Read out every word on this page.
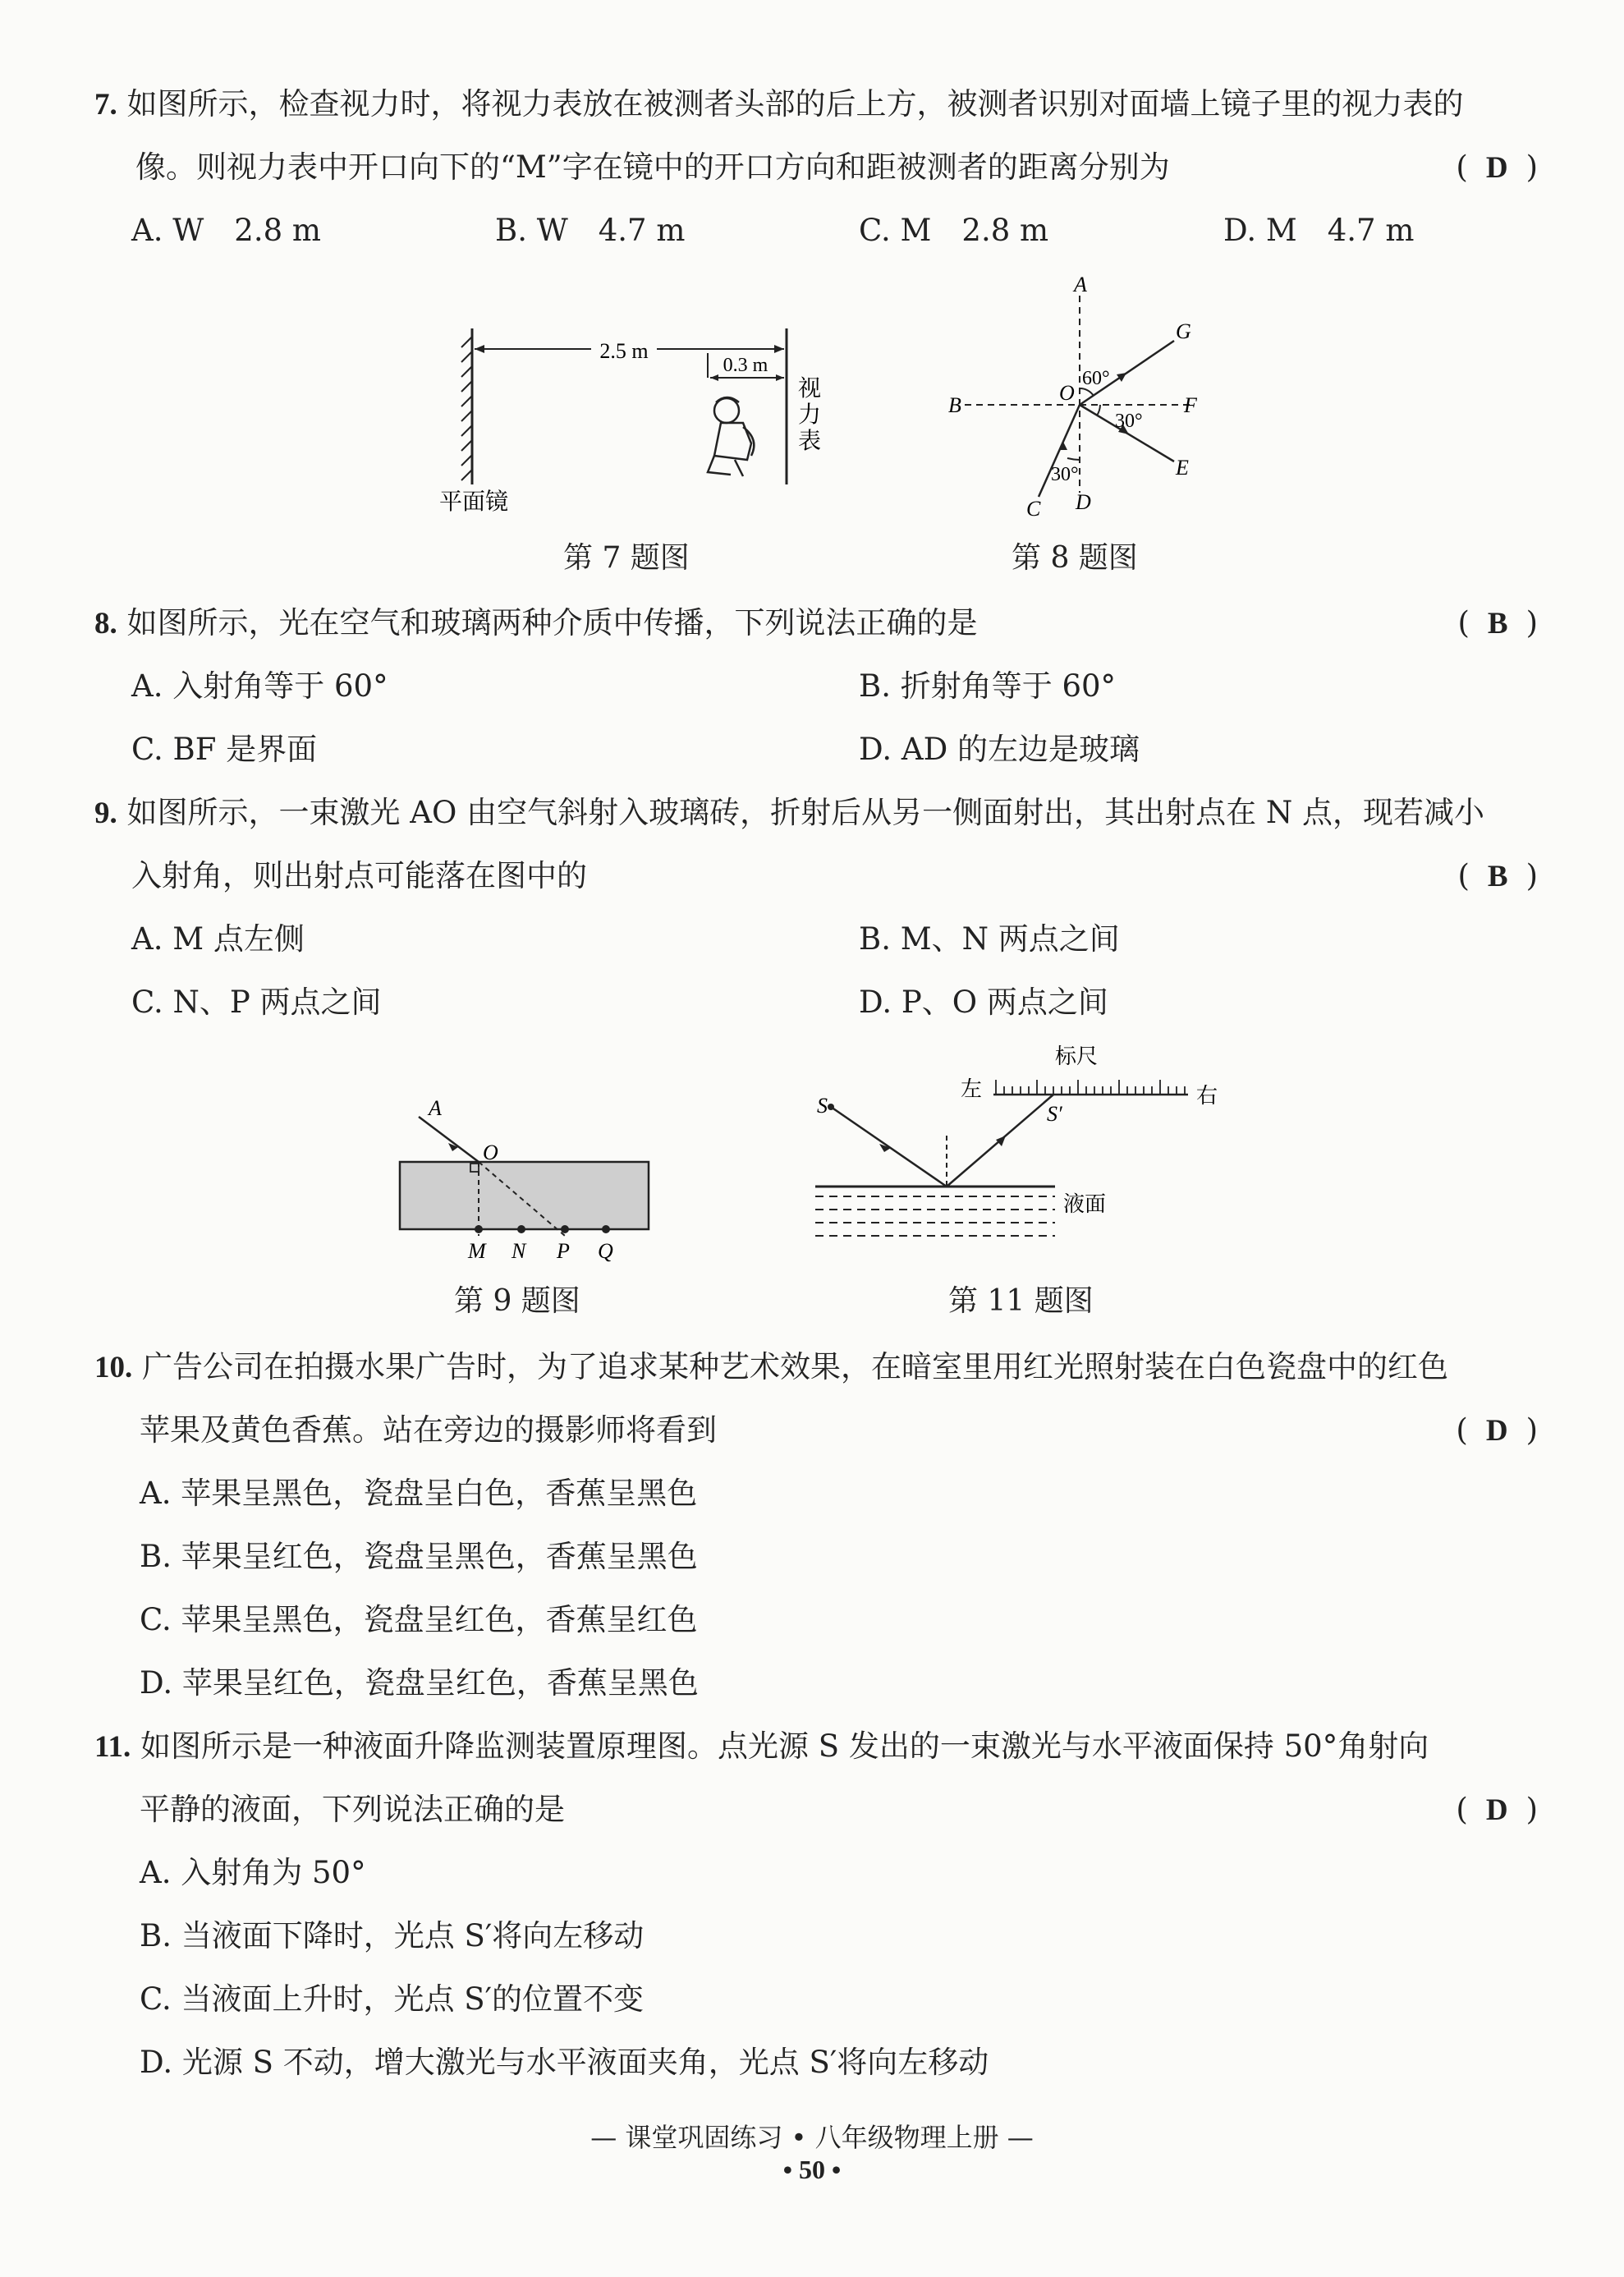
7. 如图所示，检查视力时，将视力表放在被测者头部的后上方，被测者识别对面墙上镜子里的视力表的
像。则视力表中开口向下的“M”字在镜中的开口方向和距被测者的距离分别为	( D )
A. W　2.8 m	B. W　4.7 m	C. M　2.8 m	D. M　4.7 m
2.5 m
0.3 m
视
力
表
平面镜
第 7 题图
A
B
C D
E
F
G
O
60°
30°
30°
第 8 题图
8. 如图所示，光在空气和玻璃两种介质中传播，下列说法正确的是	( B )
A. 入射角等于 60°	B. 折射角等于 60°
C. BF 是界面	D. AD 的左边是玻璃
9. 如图所示，一束激光 AO 由空气斜射入玻璃砖，折射后从另一侧面射出，其出射点在 N 点，现若减小
入射角，则出射点可能落在图中的	( B )
A. M 点左侧	B. M、N 两点之间
C. N、P 两点之间	D. P、O 两点之间
A
O
M N P Q
第 9 题图
标尺
左	右
S	S′
液面
第 11 题图
10. 广告公司在拍摄水果广告时，为了追求某种艺术效果，在暗室里用红光照射装在白色瓷盘中的红色
苹果及黄色香蕉。站在旁边的摄影师将看到	( D )
A. 苹果呈黑色，瓷盘呈白色，香蕉呈黑色
B. 苹果呈红色，瓷盘呈黑色，香蕉呈黑色
C. 苹果呈黑色，瓷盘呈红色，香蕉呈红色
D. 苹果呈红色，瓷盘呈红色，香蕉呈黑色
11. 如图所示是一种液面升降监测装置原理图。点光源 S 发出的一束激光与水平液面保持 50°角射向
平静的液面，下列说法正确的是	( D )
A. 入射角为 50°
B. 当液面下降时，光点 S′将向左移动
C. 当液面上升时，光点 S′的位置不变
D. 光源 S 不动，增大激光与水平液面夹角，光点 S′将向左移动
— 课堂巩固练习 • 八年级物理上册 —
• 50 •
